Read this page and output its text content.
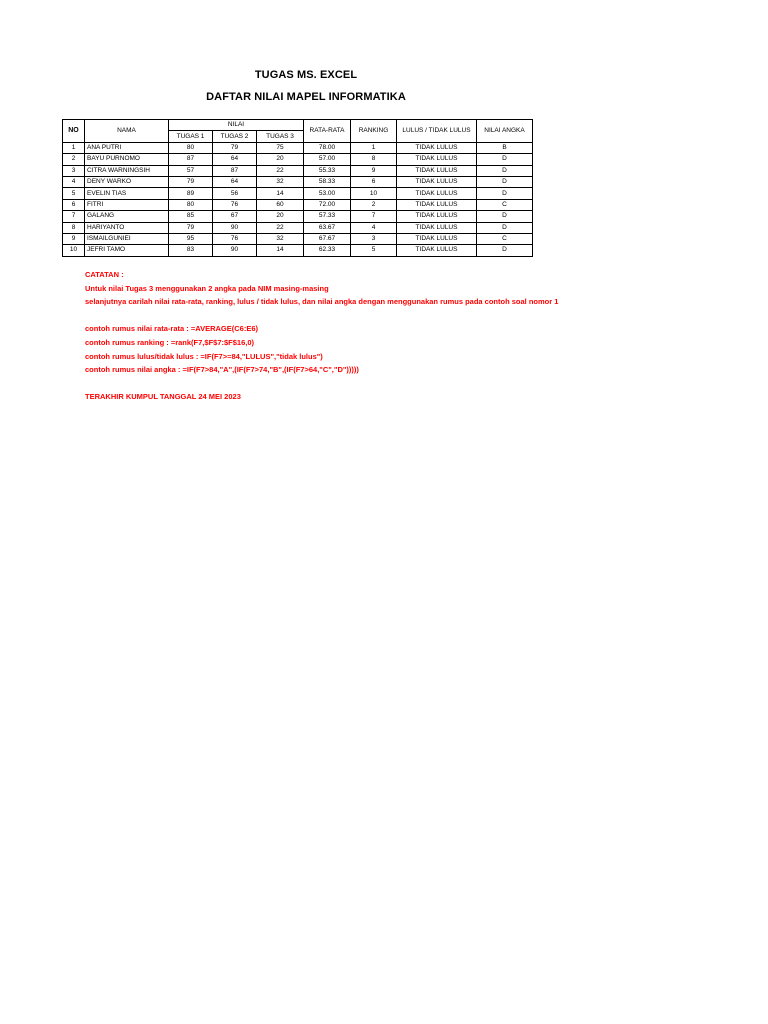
TUGAS MS. EXCEL
DAFTAR NILAI MAPEL INFORMATIKA
NO	NAMA	NILAI			RATA-RATA	RANKING	LULUS / TIDAK LULUS	NILAI ANGKA
		TUGAS 1	TUGAS 2	TUGAS 3				
1	ANA PUTRI	80	79	75	78.00	1	TIDAK LULUS	B
2	BAYU PURNOMO	87	64	20	57.00	8	TIDAK LULUS	D
3	CITRA WARNINGSIH	57	87	22	55.33	9	TIDAK LULUS	D
4	DENY WARKO	79	64	32	58.33	6	TIDAK LULUS	D
5	EVELIN TIAS	89	56	14	53.00	10	TIDAK LULUS	D
6	FITRI	80	76	60	72.00	2	TIDAK LULUS	C
7	GALANG	85	67	20	57.33	7	TIDAK LULUS	D
8	HARIYANTO	79	90	22	63.67	4	TIDAK LULUS	D
9	ISMAILGUNIEI	95	76	32	67.67	3	TIDAK LULUS	C
10	JEFRI TAMO	83	90	14	62.33	5	TIDAK LULUS	D
CATATAN :
Untuk nilai Tugas 3 menggunakan 2 angka pada NIM masing-masing
selanjutnya carilah nilai rata-rata, ranking, lulus / tidak lulus, dan nilai angka dengan menggunakan rumus pada contoh soal nomor 1
contoh rumus nilai rata-rata : =AVERAGE(C6:E6)
contoh rumus ranking : =rank(F7,$F$7:$F$16,0)
contoh rumus lulus/tidak lulus : =IF(F7>=84,"LULUS","tidak lulus")
contoh rumus nilai angka : =IF(F7>84,"A",(IF(F7>74,"B",(IF(F7>64,"C","D")))))
TERAKHIR KUMPUL TANGGAL 24 MEI 2023
